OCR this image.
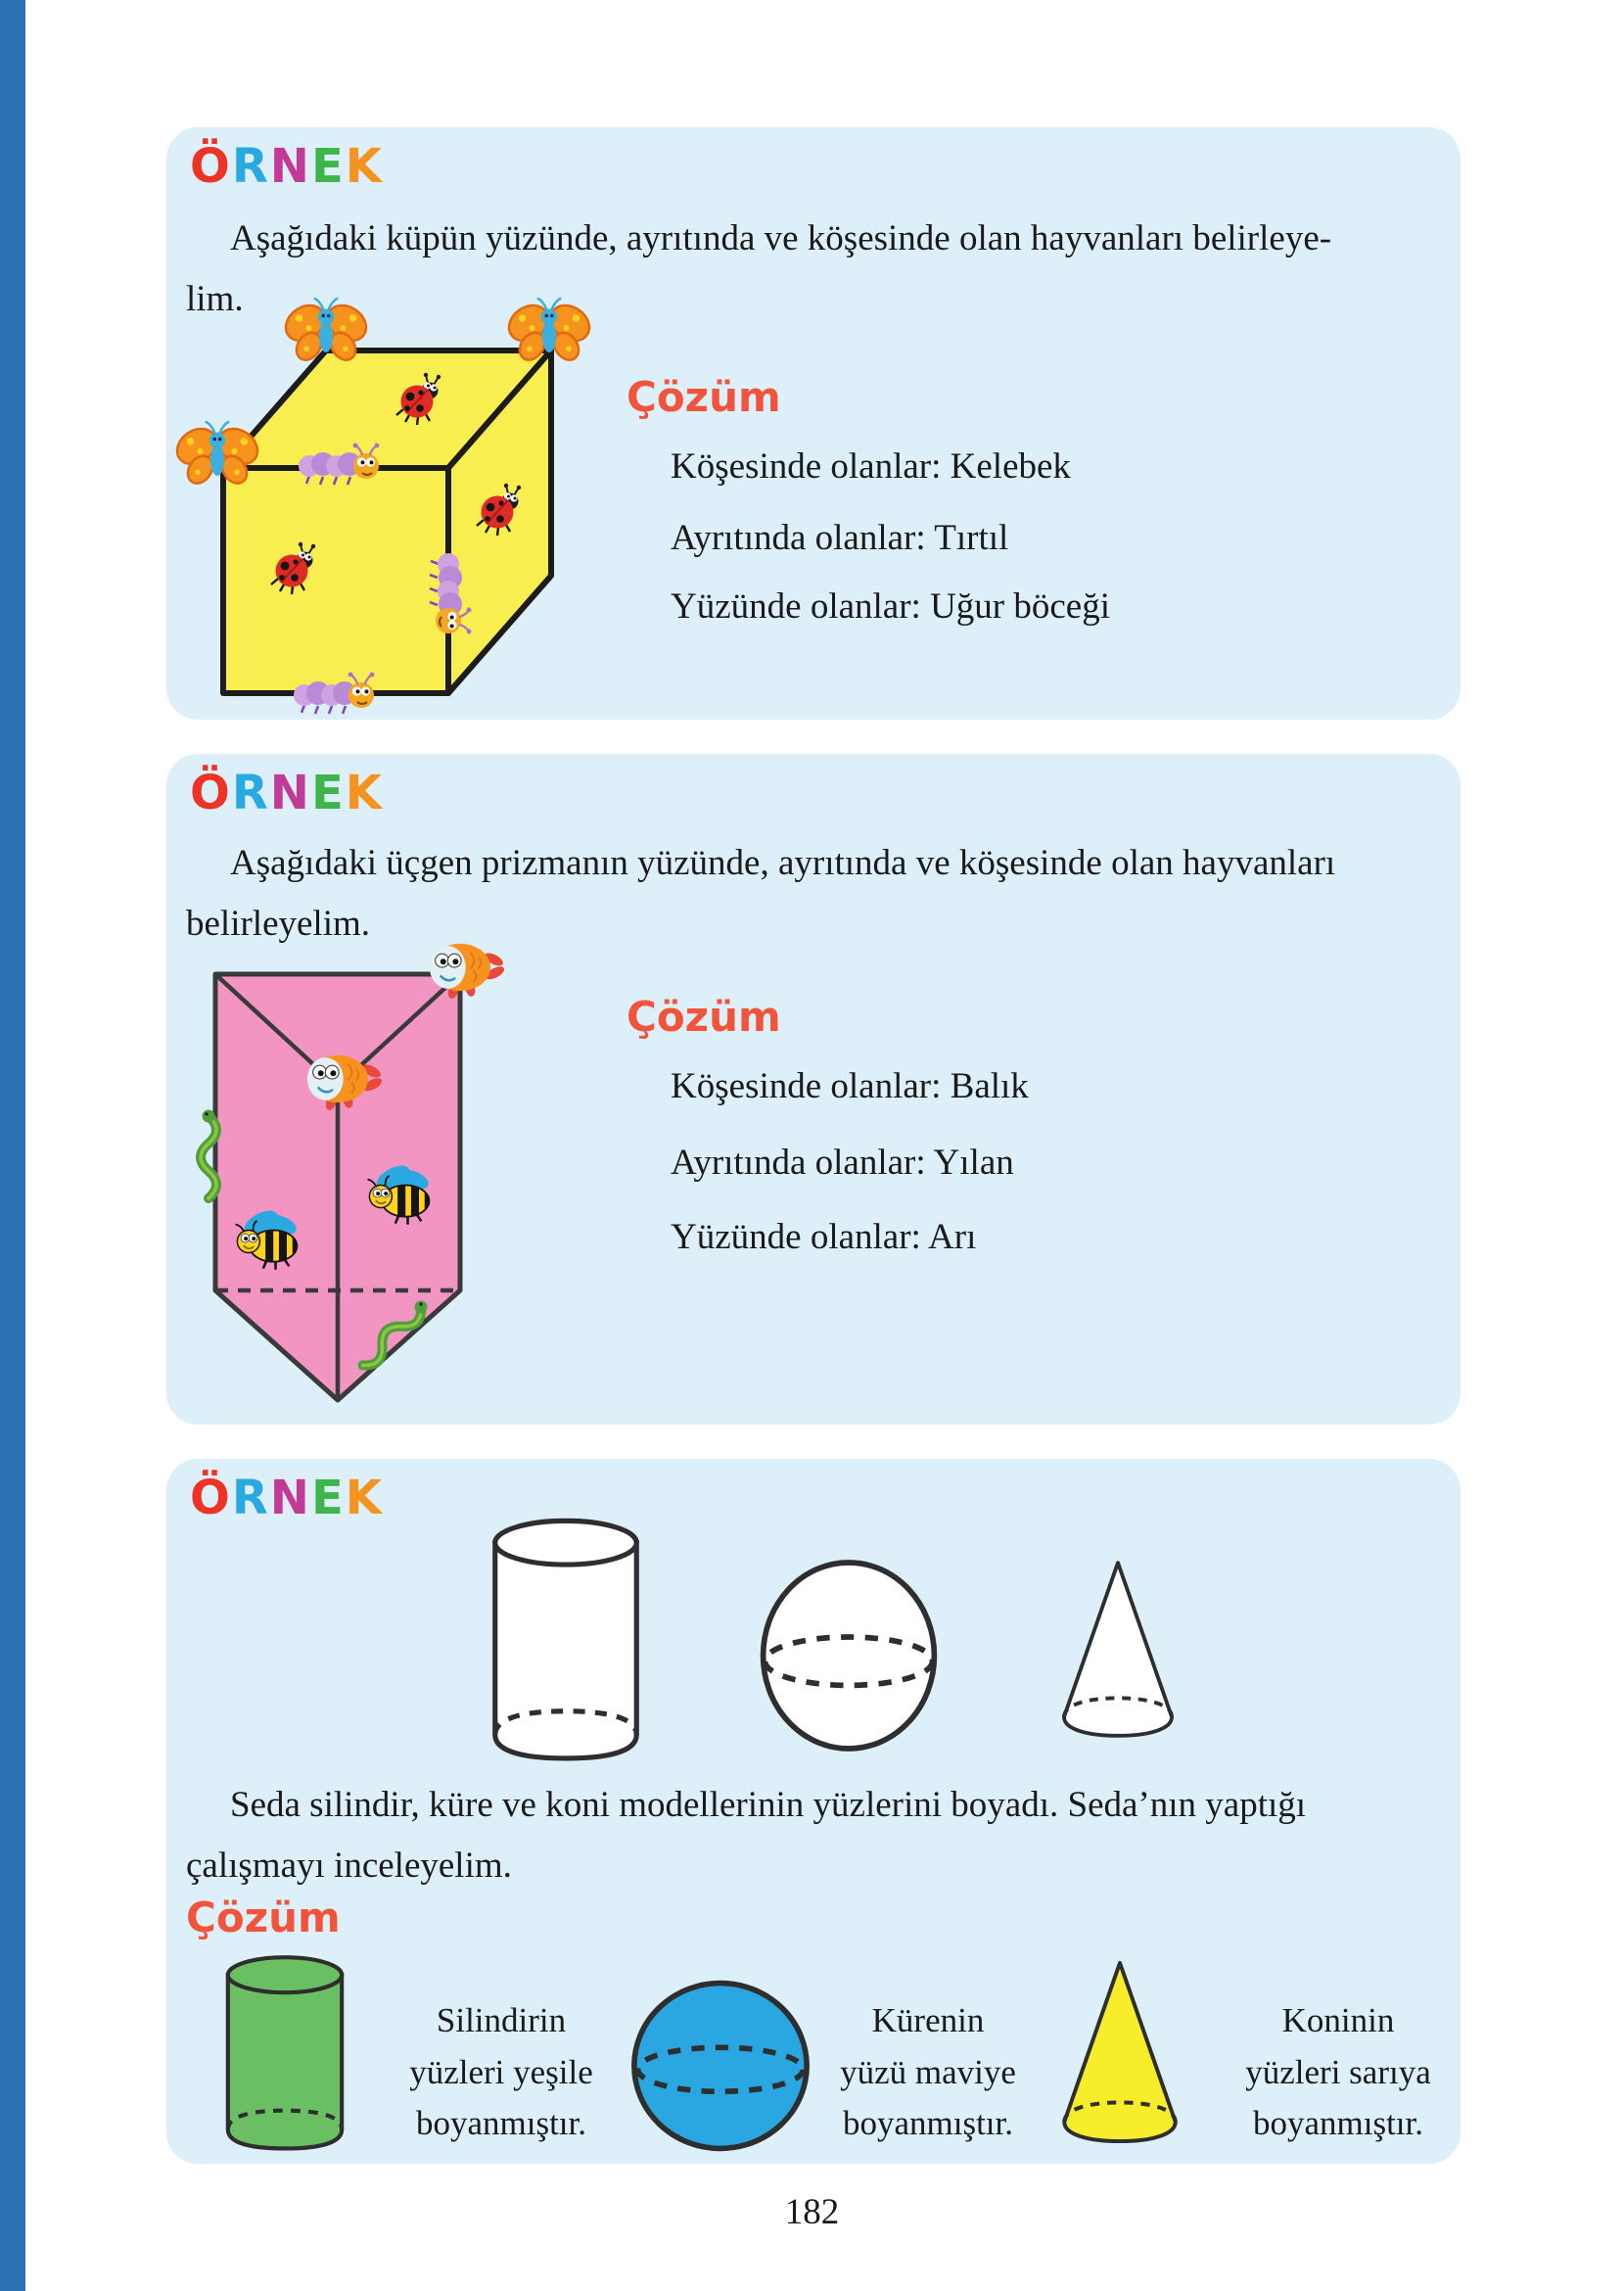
ÖRNEK
Aşağıdaki küpün yüzünde, ayrıtında ve köşesinde olan hayvanları belirleye-
lim.
Çözüm
Köşesinde olanlar: Kelebek
Ayrıtında olanlar: Tırtıl
Yüzünde olanlar: Uğur böceği
ÖRNEK
Aşağıdaki üçgen prizmanın yüzünde, ayrıtında ve köşesinde olan hayvanları
belirleyelim.
Çözüm
Köşesinde olanlar: Balık
Ayrıtında olanlar: Yılan
Yüzünde olanlar: Arı
ÖRNEK
Seda silindir, küre ve koni modellerinin yüzlerini boyadı. Seda’nın yaptığı
çalışmayı inceleyelim.
Çözüm
Silindirin
yüzleri yeşile
boyanmıştır.
Kürenin
yüzü maviye
boyanmıştır.
Koninin
yüzleri sarıya
boyanmıştır.
182
